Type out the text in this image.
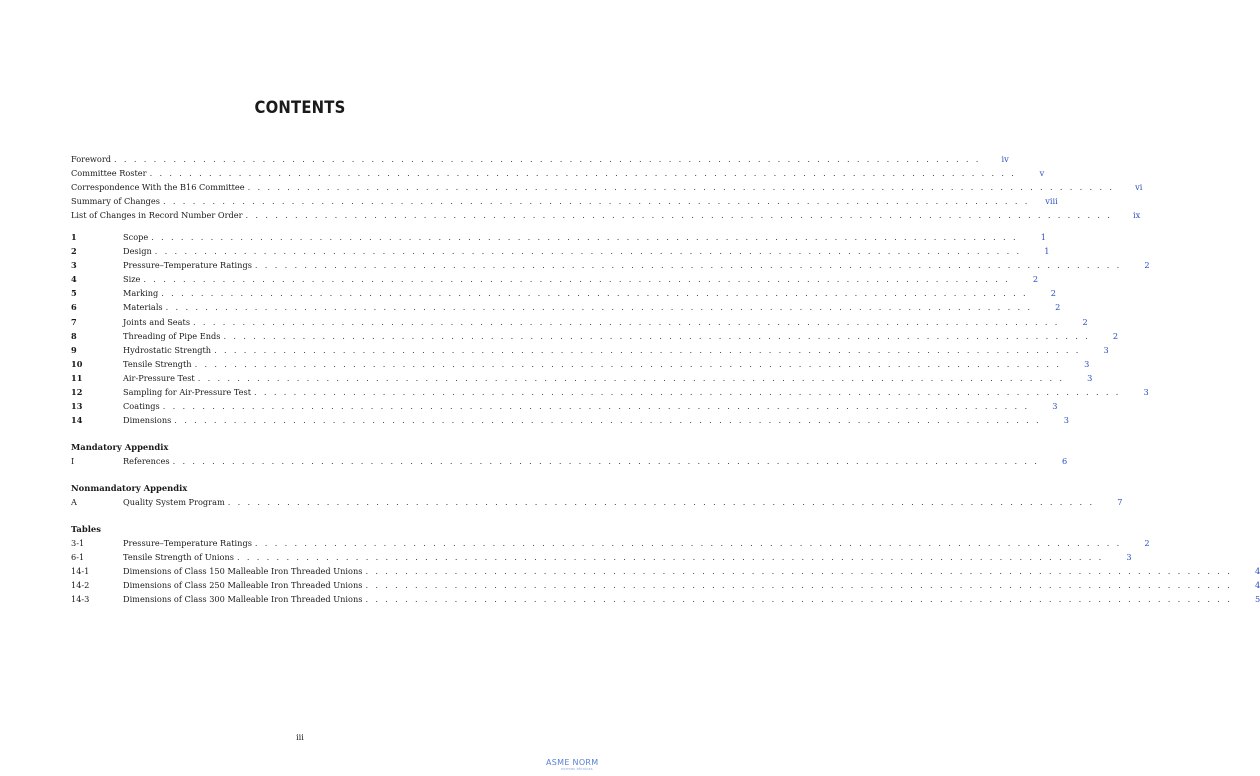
CONTENTS
Foreword . . . . . . . . . . . . . . . . . . . . . . . . . . . . . . . . . . . . . . . . . . . . . . . . . . . . . . . . . . . . . . . . . . . . . . . . . . . . . . . . . . . . . . . .	iv
Committee Roster . . . . . . . . . . . . . . . . . . . . . . . . . . . . . . . . . . . . . . . . . . . . . . . . . . . . . . . . . . . . . . . . . . . . . . . . . . . . . . . . . . . . . . . .	v
Correspondence With the B16 Committee . . . . . . . . . . . . . . . . . . . . . . . . . . . . . . . . . . . . . . . . . . . . . . . . . . . . . . . . . . . . . . . . . . . . . . . . . . . . . . . . . . . . . . . .	vi
Summary of Changes . . . . . . . . . . . . . . . . . . . . . . . . . . . . . . . . . . . . . . . . . . . . . . . . . . . . . . . . . . . . . . . . . . . . . . . . . . . . . . . . . . . . . . . .	viii
List of Changes in Record Number Order . . . . . . . . . . . . . . . . . . . . . . . . . . . . . . . . . . . . . . . . . . . . . . . . . . . . . . . . . . . . . . . . . . . . . . . . . . . . . . . . . . . . . . . .	ix
1	Scope . . . . . . . . . . . . . . . . . . . . . . . . . . . . . . . . . . . . . . . . . . . . . . . . . . . . . . . . . . . . . . . . . . . . . . . . . . . . . . . . . . . . . . . .	1
2	Design . . . . . . . . . . . . . . . . . . . . . . . . . . . . . . . . . . . . . . . . . . . . . . . . . . . . . . . . . . . . . . . . . . . . . . . . . . . . . . . . . . . . . . . .	1
3	Pressure–Temperature Ratings . . . . . . . . . . . . . . . . . . . . . . . . . . . . . . . . . . . . . . . . . . . . . . . . . . . . . . . . . . . . . . . . . . . . . . . . . . . . . . . . . . . . . . . .	2
4	Size . . . . . . . . . . . . . . . . . . . . . . . . . . . . . . . . . . . . . . . . . . . . . . . . . . . . . . . . . . . . . . . . . . . . . . . . . . . . . . . . . . . . . . . .	2
5	Marking . . . . . . . . . . . . . . . . . . . . . . . . . . . . . . . . . . . . . . . . . . . . . . . . . . . . . . . . . . . . . . . . . . . . . . . . . . . . . . . . . . . . . . . .	2
6	Materials . . . . . . . . . . . . . . . . . . . . . . . . . . . . . . . . . . . . . . . . . . . . . . . . . . . . . . . . . . . . . . . . . . . . . . . . . . . . . . . . . . . . . . . .	2
7	Joints and Seats . . . . . . . . . . . . . . . . . . . . . . . . . . . . . . . . . . . . . . . . . . . . . . . . . . . . . . . . . . . . . . . . . . . . . . . . . . . . . . . . . . . . . . . .	2
8	Threading of Pipe Ends . . . . . . . . . . . . . . . . . . . . . . . . . . . . . . . . . . . . . . . . . . . . . . . . . . . . . . . . . . . . . . . . . . . . . . . . . . . . . . . . . . . . . . . .	2
9	Hydrostatic Strength . . . . . . . . . . . . . . . . . . . . . . . . . . . . . . . . . . . . . . . . . . . . . . . . . . . . . . . . . . . . . . . . . . . . . . . . . . . . . . . . . . . . . . . .	3
10	Tensile Strength . . . . . . . . . . . . . . . . . . . . . . . . . . . . . . . . . . . . . . . . . . . . . . . . . . . . . . . . . . . . . . . . . . . . . . . . . . . . . . . . . . . . . . . .	3
11	Air-Pressure Test . . . . . . . . . . . . . . . . . . . . . . . . . . . . . . . . . . . . . . . . . . . . . . . . . . . . . . . . . . . . . . . . . . . . . . . . . . . . . . . . . . . . . . . .	3
12	Sampling for Air-Pressure Test . . . . . . . . . . . . . . . . . . . . . . . . . . . . . . . . . . . . . . . . . . . . . . . . . . . . . . . . . . . . . . . . . . . . . . . . . . . . . . . . . . . . . . . .	3
13	Coatings . . . . . . . . . . . . . . . . . . . . . . . . . . . . . . . . . . . . . . . . . . . . . . . . . . . . . . . . . . . . . . . . . . . . . . . . . . . . . . . . . . . . . . . .	3
14	Dimensions . . . . . . . . . . . . . . . . . . . . . . . . . . . . . . . . . . . . . . . . . . . . . . . . . . . . . . . . . . . . . . . . . . . . . . . . . . . . . . . . . . . . . . . .	3
Mandatory Appendix
I	References . . . . . . . . . . . . . . . . . . . . . . . . . . . . . . . . . . . . . . . . . . . . . . . . . . . . . . . . . . . . . . . . . . . . . . . . . . . . . . . . . . . . . . . .	6
Nonmandatory Appendix
A	Quality System Program . . . . . . . . . . . . . . . . . . . . . . . . . . . . . . . . . . . . . . . . . . . . . . . . . . . . . . . . . . . . . . . . . . . . . . . . . . . . . . . . . . . . . . . .	7
Tables
3-1	Pressure–Temperature Ratings . . . . . . . . . . . . . . . . . . . . . . . . . . . . . . . . . . . . . . . . . . . . . . . . . . . . . . . . . . . . . . . . . . . . . . . . . . . . . . . . . . . . . . . .	2
6-1	Tensile Strength of Unions . . . . . . . . . . . . . . . . . . . . . . . . . . . . . . . . . . . . . . . . . . . . . . . . . . . . . . . . . . . . . . . . . . . . . . . . . . . . . . . . . . . . . . . .	3
14-1	Dimensions of Class 150 Malleable Iron Threaded Unions . . . . . . . . . . . . . . . . . . . . . . . . . . . . . . . . . . . . . . . . . . . . . . . . . . . . . . . . . . . . . . . . . . . . . . . . . . . . . . . . . . . . . . . .	4
14-2	Dimensions of Class 250 Malleable Iron Threaded Unions . . . . . . . . . . . . . . . . . . . . . . . . . . . . . . . . . . . . . . . . . . . . . . . . . . . . . . . . . . . . . . . . . . . . . . . . . . . . . . . . . . . . . . . .	4
14-3	Dimensions of Class 300 Malleable Iron Threaded Unions . . . . . . . . . . . . . . . . . . . . . . . . . . . . . . . . . . . . . . . . . . . . . . . . . . . . . . . . . . . . . . . . . . . . . . . . . . . . . . . . . . . . . . . .	5
iii
ASME NORM
normas técnicas
